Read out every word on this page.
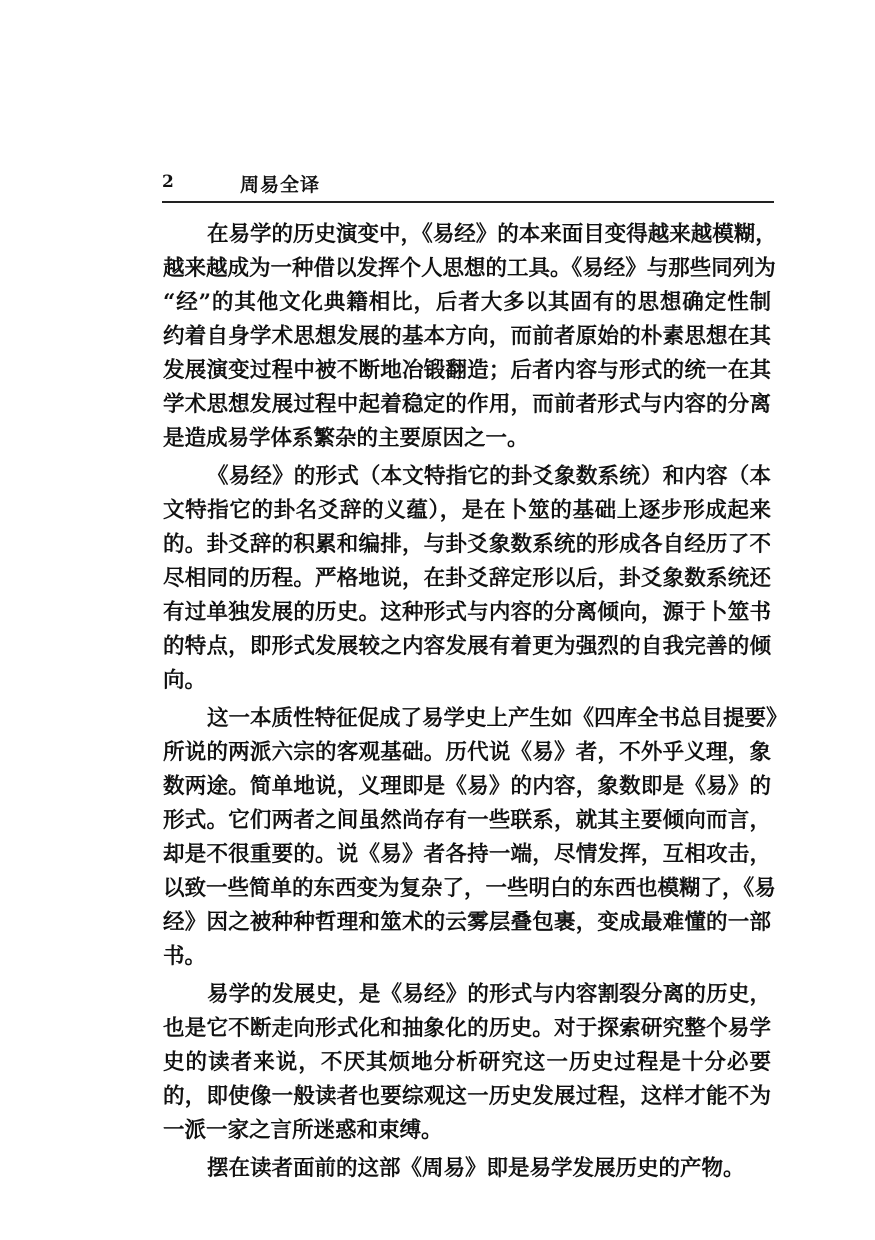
2	周易全译
在易学的历史演变中，《易经》的本来面目变得越来越模糊，
越来越成为一种借以发挥个人思想的工具。《易经》与那些同列为
“经”的其他文化典籍相比，后者大多以其固有的思想确定性制
约着自身学术思想发展的基本方向，而前者原始的朴素思想在其
发展演变过程中被不断地冶锻翻造；后者内容与形式的统一在其
学术思想发展过程中起着稳定的作用，而前者形式与内容的分离
是造成易学体系繁杂的主要原因之一。
《易经》的形式（本文特指它的卦爻象数系统）和内容（本
文特指它的卦名爻辞的义蕴），是在卜筮的基础上逐步形成起来
的。卦爻辞的积累和编排，与卦爻象数系统的形成各自经历了不
尽相同的历程。严格地说，在卦爻辞定形以后，卦爻象数系统还
有过单独发展的历史。这种形式与内容的分离倾向，源于卜筮书
的特点，即形式发展较之内容发展有着更为强烈的自我完善的倾
向。
这一本质性特征促成了易学史上产生如《四库全书总目提要》
所说的两派六宗的客观基础。历代说《易》者，不外乎义理，象
数两途。简单地说，义理即是《易》的内容，象数即是《易》的
形式。它们两者之间虽然尚存有一些联系，就其主要倾向而言，
却是不很重要的。说《易》者各持一端，尽情发挥，互相攻击，
以致一些简单的东西变为复杂了，一些明白的东西也模糊了，《易
经》因之被种种哲理和筮术的云雾层叠包裹，变成最难懂的一部
书。
易学的发展史，是《易经》的形式与内容割裂分离的历史，
也是它不断走向形式化和抽象化的历史。对于探索研究整个易学
史的读者来说，不厌其烦地分析研究这一历史过程是十分必要
的，即使像一般读者也要综观这一历史发展过程，这样才能不为
一派一家之言所迷惑和束缚。
摆在读者面前的这部《周易》即是易学发展历史的产物。
